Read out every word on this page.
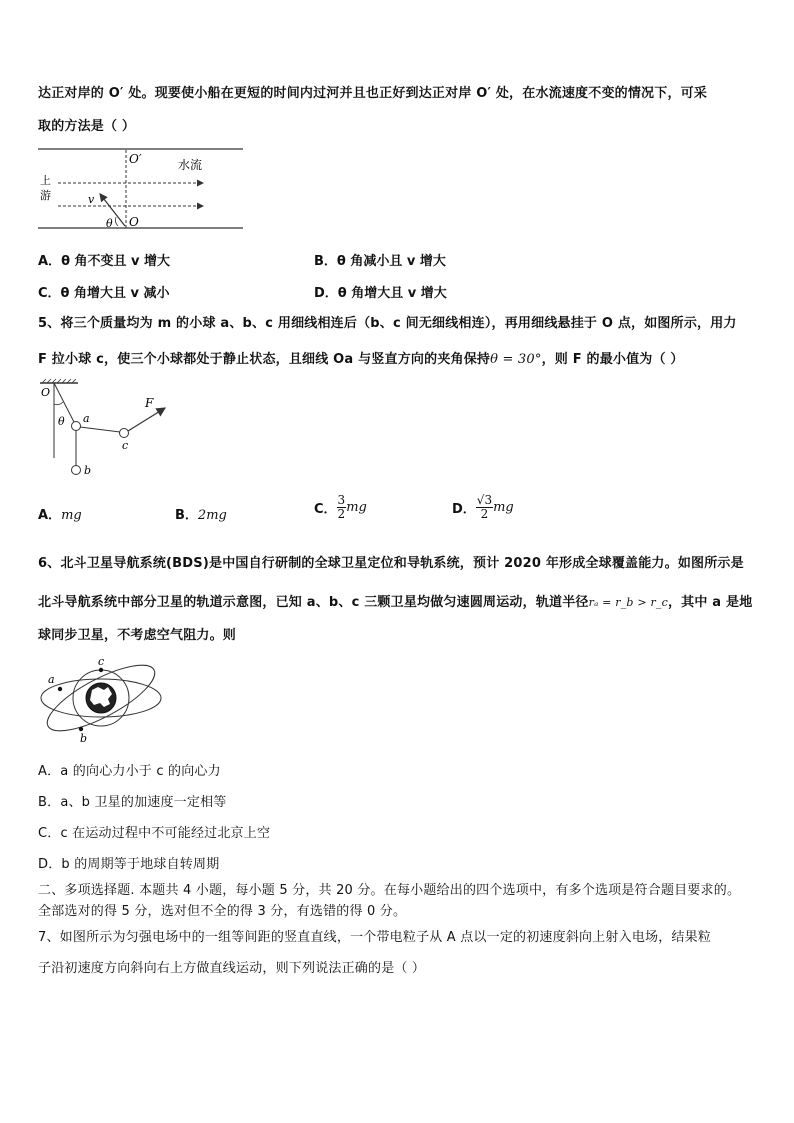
达正对岸的 O′ 处。现要使小船在更短的时间内过河并且也正好到达正对岸 O′ 处，在水流速度不变的情况下，可采
取的方法是（ ）
O′	水流
上
游	v
θ O
A．θ 角不变且 v 增大	B．θ 角减小且 v 增大
C．θ 角增大且 v 减小	D．θ 角增大且 v 增大
5、将三个质量均为 m 的小球 a、b、c 用细线相连后（b、c 间无细线相连），再用细线悬挂于 O 点，如图所示，用力
F 拉小球 c，使三个小球都处于静止状态，且细线 Oa 与竖直方向的夹角保持θ = 30°，则 F 的最小值为（ ）
O
θ a
b
c
F
A．mg	B．2mg	C． $\frac{3}{2}$ mg	D． $\frac{√3}{2}$ mg
6、北斗卫星导航系统(BDS)是中国自行研制的全球卫星定位和导轨系统，预计 2020 年形成全球覆盖能力。如图所示是
北斗导航系统中部分卫星的轨道示意图，已知 a、b、c 三颗卫星均做匀速圆周运动，轨道半径rₐ = r_b > r_c，其中 a 是地
球同步卫星，不考虑空气阻力。则
c
a
b
A．a 的向心力小于 c 的向心力
B．a、b 卫星的加速度一定相等
C．c 在运动过程中不可能经过北京上空
D．b 的周期等于地球自转周期
二、多项选择题. 本题共 4 小题，每小题 5 分，共 20 分。在每小题给出的四个选项中，有多个选项是符合题目要求的。
全部选对的得 5 分，选对但不全的得 3 分，有选错的得 0 分。
7、如图所示为匀强电场中的一组等间距的竖直直线，一个带电粒子从 A 点以一定的初速度斜向上射入电场，结果粒
子沿初速度方向斜向右上方做直线运动，则下列说法正确的是（ ）
